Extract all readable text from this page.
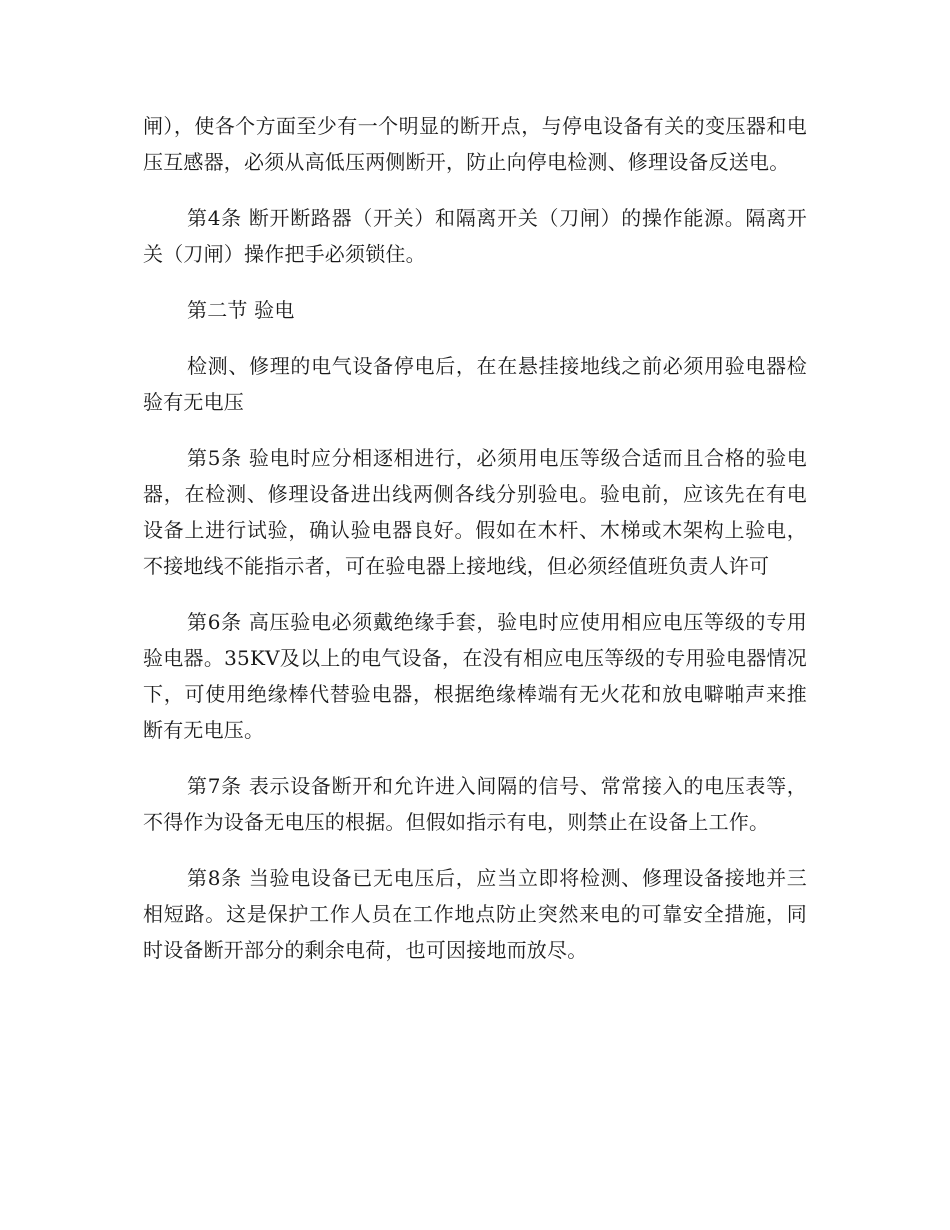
闸），使各个方面至少有一个明显的断开点，与停电设备有关的变压器和电压互感器，必须从高低压两侧断开，防止向停电检测、修理设备反送电。

第4条 断开断路器（开关）和隔离开关（刀闸）的操作能源。隔离开关（刀闸）操作把手必须锁住。

第二节 验电

检测、修理的电气设备停电后，在在悬挂接地线之前必须用验电器检验有无电压

第5条 验电时应分相逐相进行，必须用电压等级合适而且合格的验电器，在检测、修理设备进出线两侧各线分别验电。验电前，应该先在有电设备上进行试验，确认验电器良好。假如在木杆、木梯或木架构上验电，不接地线不能指示者，可在验电器上接地线，但必须经值班负责人许可

第6条 高压验电必须戴绝缘手套，验电时应使用相应电压等级的专用验电器。35KV及以上的电气设备，在没有相应电压等级的专用验电器情况下，可使用绝缘棒代替验电器，根据绝缘棒端有无火花和放电噼啪声来推断有无电压。

第7条 表示设备断开和允许进入间隔的信号、常常接入的电压表等，不得作为设备无电压的根据。但假如指示有电，则禁止在设备上工作。

第8条 当验电设备已无电压后，应当立即将检测、修理设备接地并三相短路。这是保护工作人员在工作地点防止突然来电的可靠安全措施，同时设备断开部分的剩余电荷，也可因接地而放尽。
